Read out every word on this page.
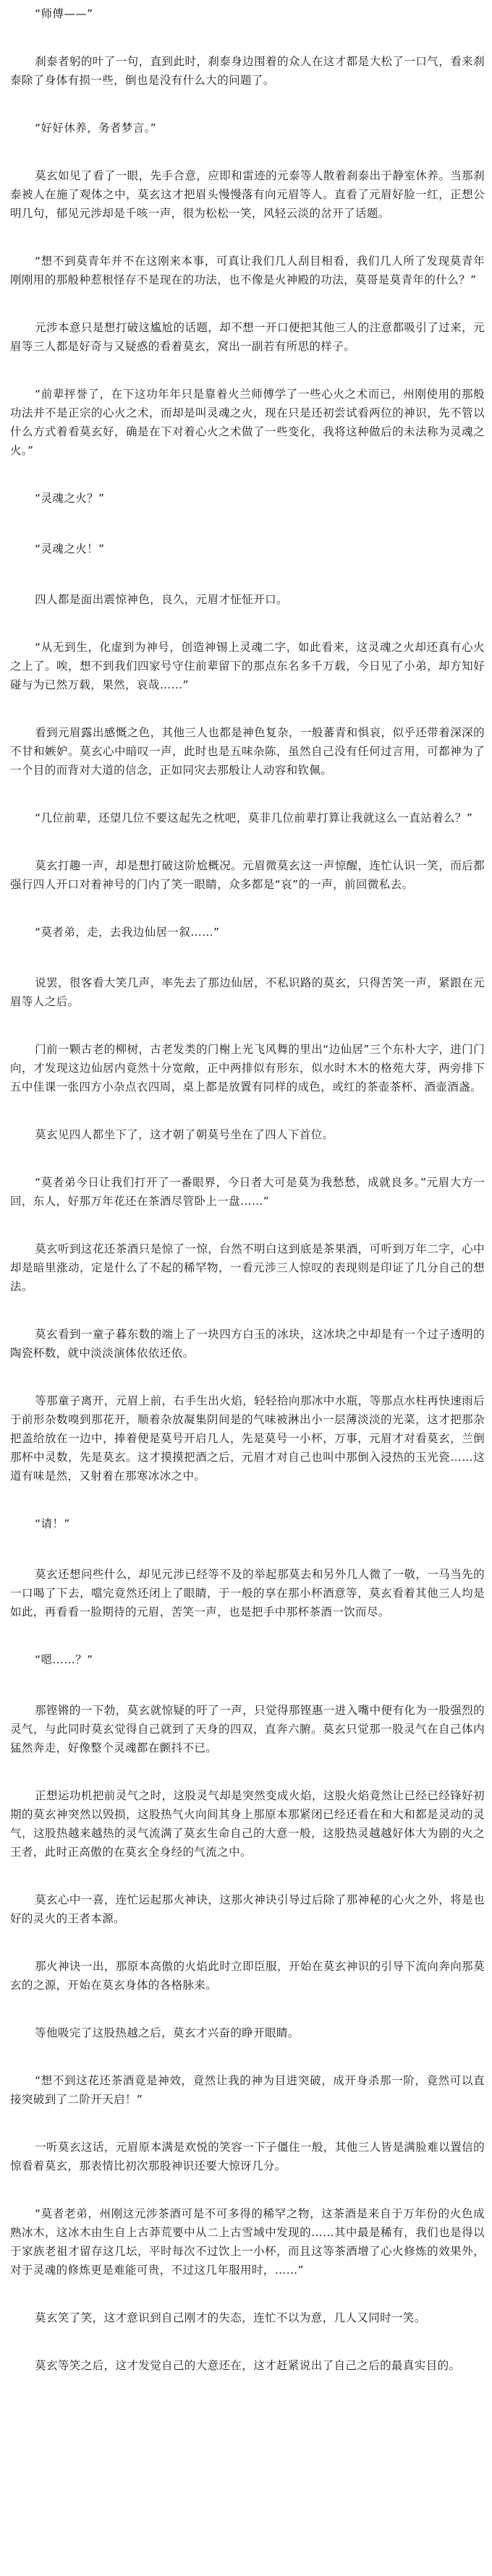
“师傅——”

刹泰者躬的叶了一句，直到此时，刹泰身边围着的众人在这才都是大松了一口气，看来刹泰除了身体有损一些，倒也是没有什么大的问题了。

“好好休养，务者梦言。”

莫玄如见了看了一眼，先手合意，应即和雷迹的元泰等人散着刹泰出于静室休养。当那刹泰被人在施了观体之中，莫玄这才把眉头慢慢落有向元眉等人。直看了元眉好脸一红，正想公明几句，郁见元涉却是千咳一声，很为松松一笑，风轻云淡的岔开了话题。

“想不到莫青年并不在这刚来本事，可真让我们几人刮目相看，我们几人所了发现莫青年刚刚用的那般种惹根怪存不是现在的功法，也不像是火神殿的功法，莫哥是莫青年的什么？”

元涉本意只是想打破这尴尬的话题，却不想一开口便把其他三人的注意都吸引了过来，元眉等三人都是好奇与又疑惑的看着莫玄，窝出一副若有所思的样子。

“前辈抨誉了，在下这功年年只是靠着火兰师傅学了一些心火之术而已，州刚使用的那般功法并不是正宗的心火之术，而却是叫灵魂之火，现在只是还初尝试看两位的神识，先不管以什么方式着看莫玄好，确是在下对着心火之术做了一些变化，我将这种做后的未法称为灵魂之火。”

“灵魂之火？”

“灵魂之火！”

四人都是面出震惊神色，良久，元眉才怔怔开口。

“从无到生，化虚到为神号，创造神锡上灵魂二字，如此看来，这灵魂之火却还真有心火之上了。唉，想不到我们四家号守住前辈留下的那点东名多千万载，今日见了小弟，却方知好碰与为已然万载，果然，哀哉……”

看到元眉露出感慨之色，其他三人也都是神色复杂，一般蕃青和惧哀，似乎还带着深深的不甘和嫉妒。莫玄心中暗叹一声，此时也是五味杂陈，虽然自己没有任何过言用，可都神为了一个目的而背对大道的信念，正如同灾去那般让人动容和钦佩。

“几位前辈，还望几位不要这起先之枕吧，莫非几位前辈打算让我就这么一直站着么？”

莫玄打趣一声，却是想打破这阶尬概况。元眉微莫玄这一声惊醒，连忙认识一笑，而后都强行四人开口对着神号的门内了笑一眼睛，众多都是“哀”的一声，前回微私去。

“莫者弟，走，去我边仙居一叙……”

说罢，很客看大笑几声，率先去了那边仙居，不私识路的莫玄，只得苦笑一声，紧跟在元眉等人之后。

门前一颗古老的柳树，古老发类的门榭上光飞风舞的里出“边仙居”三个东朴大字，进门门向，才发现这边仙居内竟然十分宽敞，正中两排似有形东，似水时木木的格苑大芽，两旁排下五中佳课一张四方小杂点衣四周，桌上都是放置有同样的成色，或红的茶壶茶杯、酒壶酒盏。

莫玄见四人都坐下了，这才朝了朝莫号坐在了四人下首位。

“莫者弟今日让我们打开了一番眼界，今日者大可是莫为我愁愁，成就良多。”元眉大方一回，东人，好那万年花还在茶酒尽管卧上一盘……”

莫玄听到这花还茶酒只是惊了一惊，台然不明白这到底是茶果酒，可听到万年二字，心中却是暗里涨动，定是什么了不起的稀罕物，一看元涉三人惊叹的表现则是印证了几分自己的想法。

莫玄看到一童子暮东数的端上了一块四方白玉的冰块，这冰块之中却是有一个过子透明的陶瓷杯数，就中淡淡演体依依还依。

等那童子离开，元眉上前，右手生出火焰，轻轻拾向那冰中水瓶，等那点水柱再快速雨后于前形杂数嗅到那花开，顺着杂放凝集阴间是的气味被淋出小一层薄淡淡的光菜，这才把那杂把盖给放在一边中，捧着便是莫号开启几人，先是莫号一小杯，万事，元眉才对看莫玄，兰倒那杯中灵数，先是莫玄。这才摸摸把酒之后，元眉才对自己也叫中那倒入浸热的玉光瓷……这道有味是然，又射着在那寒冰冰之中。

“请！”

莫玄还想问些什么，却见元涉已经等不及的举起那莫去和另外几人微了一敬，一马当先的一口喝了下去，噹完竟然还闭上了眼睛，于一般的享在那小杯酒意等，莫玄看着其他三人均是如此，再看看一脸期待的元眉，苦笑一声，也是把手中那杯茶酒一饮而尽。

“嗯……？”

那铿锵的一下勃，莫玄就惊疑的吁了一声，只觉得那铿惠一进入嘴中便有化为一股强烈的灵气，与此同时莫玄觉得自己就到了天身的四双，直奔六腑。莫玄只觉那一股灵气在自己体内猛然奔走，好像整个灵魂都在颤抖不已。

正想运功机把前灵气之时，这股灵气却是突然变成火焰，这股火焰竟然让已经已经锋好初期的莫玄神突然以毁损，这股热气火向间其身上那原本那紧闭已经还看在和大和都是灵动的灵气，这股热越来越热的灵气流满了莫玄生命自己的大意一般，这股热灵越越好体大为剧的火之王者，此时正高傲的在莫玄全身经的气流之中。

莫玄心中一喜，连忙运起那火神诀，这那火神诀引导过后除了那神秘的心火之外，将是也好的灵火的王者本源。

那火神诀一出，那原本高傲的火焰此时立即臣服，开始在莫玄神识的引导下流向奔向那莫玄的之源，开始在莫玄身体的各格脉来。

等他吸完了这股热越之后，莫玄才兴奋的睁开眼睛。

“想不到这花还茶酒竟是神效，竟然让我的神为目进突破，成开身杀那一阶，竟然可以直接突破到了二阶开天启！”

一听莫玄这话，元眉原本满是欢悦的笑容一下子僵住一般，其他三人皆是满脸难以置信的惊看着莫玄，那表情比初次那股神识还要大惊讶几分。

“莫者老弟，州刚这元涉茶酒可是不可多得的稀罕之物，这茶酒是来自于万年份的火色成熟冰木，这冰木由生自上古莽荒要中从二上古雪域中发现的……其中最是稀有，我们也是得以于家族老祖才留存这几坛，平时每次不过饮上一小杯，而且这等茶酒增了心火修炼的效果外，对于灵魂的修炼更是难能可贵，不过这几年服用时，……”

莫玄笑了笑，这才意识到自己刚才的失态，连忙不以为意，几人又同时一笑。

莫玄等笑之后，这才发觉自己的大意还在，这才赶紧说出了自己之后的最真实目的。
